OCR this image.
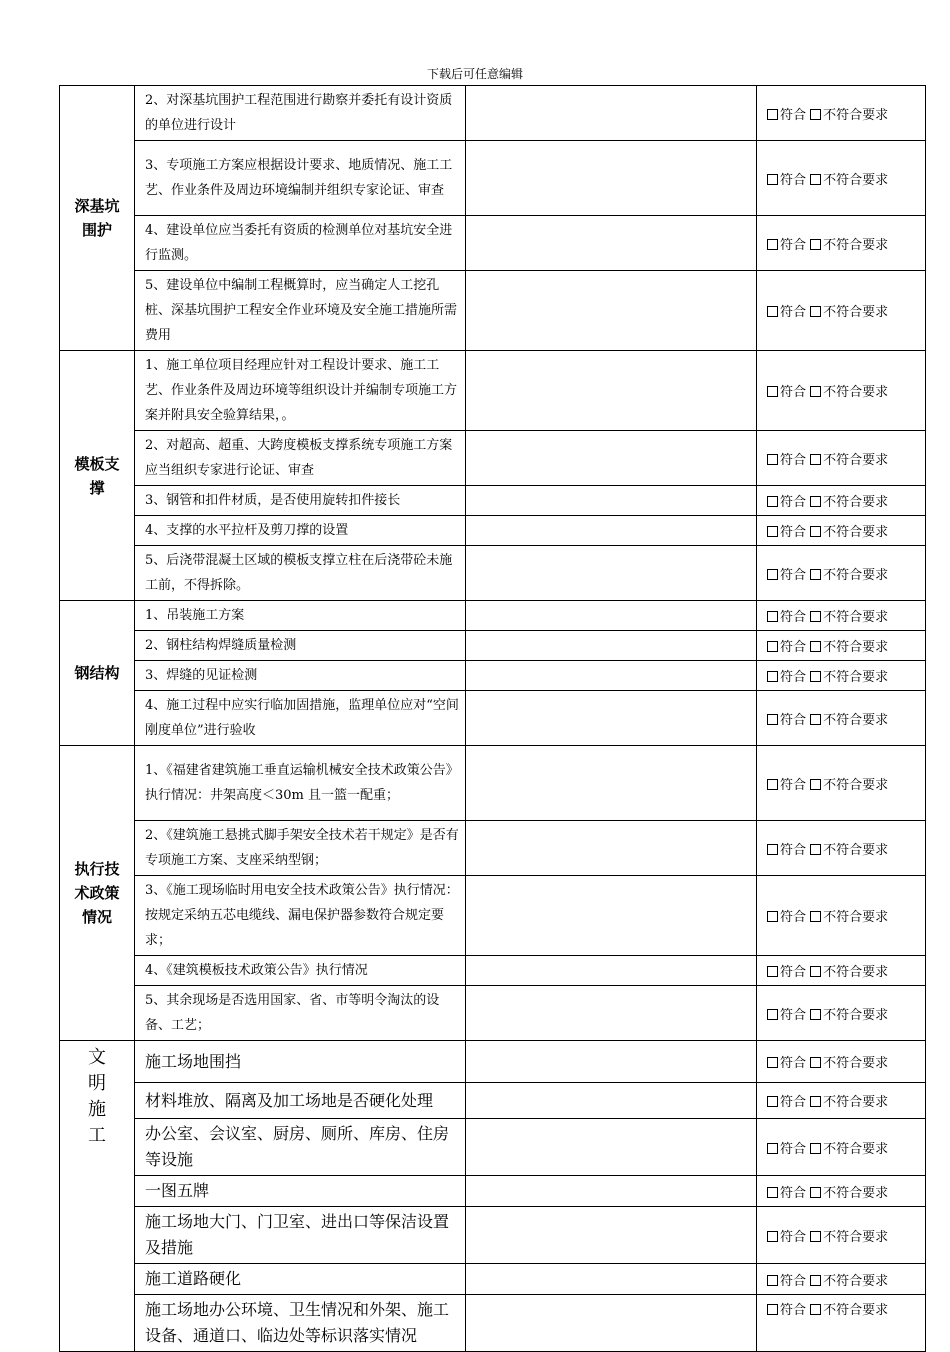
下载后可任意编辑
深基坑围护	2、对深基坑围护工程范围进行勘察并委托有设计资质的单位进行设计		符合 不符合要求
	3、专项施工方案应根据设计要求、地质情况、施工工艺、作业条件及周边环境编制并组织专家论证、审查		符合 不符合要求
	4、建设单位应当委托有资质的检测单位对基坑安全进行监测。		符合 不符合要求
	5、建设单位中编制工程概算时，应当确定人工挖孔桩、深基坑围护工程安全作业环境及安全施工措施所需费用		符合 不符合要求
模板支撑	1、施工单位项目经理应针对工程设计要求、施工工艺、作业条件及周边环境等组织设计并编制专项施工方案并附具安全验算结果，。		符合 不符合要求
	2、对超高、超重、大跨度模板支撑系统专项施工方案应当组织专家进行论证、审查		符合 不符合要求
	3、钢管和扣件材质，是否使用旋转扣件接长		符合 不符合要求
	4、支撑的水平拉杆及剪刀撑的设置		符合 不符合要求
	5、后浇带混凝土区域的模板支撑立柱在后浇带砼未施工前，不得拆除。		符合 不符合要求
钢结构	1、吊装施工方案		符合 不符合要求
	2、钢柱结构焊缝质量检测		符合 不符合要求
	3、焊缝的见证检测		符合 不符合要求
	4、施工过程中应实行临加固措施，监理单位应对“空间刚度单位”进行验收		符合 不符合要求
执行技术政策情况	1、《福建省建筑施工垂直运输机械安全技术政策公告》执行情况：井架高度＜30m 且一篮一配重；		符合 不符合要求
	2、《建筑施工悬挑式脚手架安全技术若干规定》是否有专项施工方案、支座采纳型钢；		符合 不符合要求
	3、《施工现场临时用电安全技术政策公告》执行情况：按规定采纳五芯电缆线、漏电保护器参数符合规定要求；		符合 不符合要求
	4、《建筑模板技术政策公告》执行情况		符合 不符合要求
	5、其余现场是否选用国家、省、市等明令淘汰的设备、工艺；		符合 不符合要求
文明施工	施工场地围挡		符合 不符合要求
	材料堆放、隔离及加工场地是否硬化处理		符合 不符合要求
	办公室、会议室、厨房、厕所、库房、住房等设施		符合 不符合要求
	一图五牌		符合 不符合要求
	施工场地大门、门卫室、进出口等保洁设置及措施		符合 不符合要求
	施工道路硬化		符合 不符合要求
	施工场地办公环境、卫生情况和外架、施工设备、通道口、临边处等标识落实情况		符合 不符合要求
